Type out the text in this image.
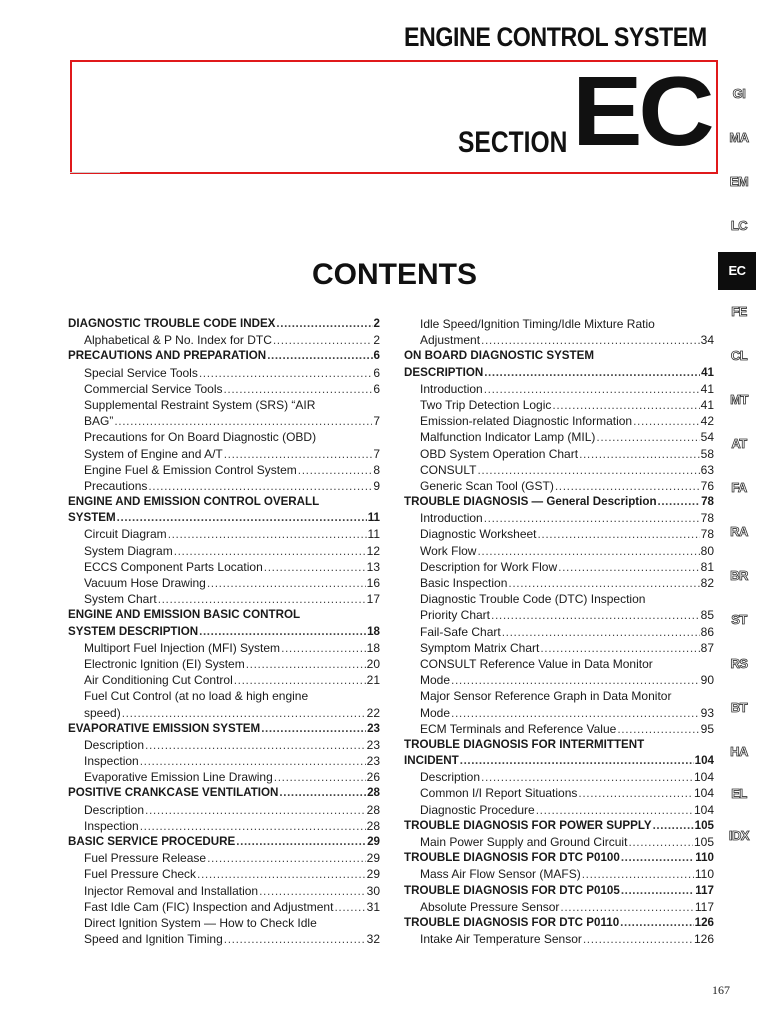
ENGINE CONTROL SYSTEM
SECTION EC
CONTENTS
DIAGNOSTIC TROUBLE CODE INDEX .....	2
Alphabetical & P No. Index for DTC .....	2
PRECAUTIONS AND PREPARATION .....	6
Special Service Tools .....	6
Commercial Service Tools .....	6
Supplemental Restraint System (SRS) “AIR
BAG” .....	7
Precautions for On Board Diagnostic (OBD)
System of Engine and A/T .....	7
Engine Fuel & Emission Control System .....	8
Precautions .....	9
ENGINE AND EMISSION CONTROL OVERALL
SYSTEM .....	11
Circuit Diagram .....	11
System Diagram .....	12
ECCS Component Parts Location .....	13
Vacuum Hose Drawing .....	16
System Chart .....	17
ENGINE AND EMISSION BASIC CONTROL
SYSTEM DESCRIPTION .....	18
Multiport Fuel Injection (MFI) System .....	18
Electronic Ignition (EI) System .....	20
Air Conditioning Cut Control .....	21
Fuel Cut Control (at no load & high engine
speed) .....	22
EVAPORATIVE EMISSION SYSTEM .....	23
Description .....	23
Inspection .....	23
Evaporative Emission Line Drawing .....	26
POSITIVE CRANKCASE VENTILATION .....	28
Description .....	28
Inspection .....	28
BASIC SERVICE PROCEDURE .....	29
Fuel Pressure Release .....	29
Fuel Pressure Check .....	29
Injector Removal and Installation .....	30
Fast Idle Cam (FIC) Inspection and Adjustment .....	31
Direct Ignition System — How to Check Idle
Speed and Ignition Timing .....	32
Idle Speed/Ignition Timing/Idle Mixture Ratio
Adjustment .....	34
ON BOARD DIAGNOSTIC SYSTEM
DESCRIPTION .....	41
Introduction .....	41
Two Trip Detection Logic .....	41
Emission-related Diagnostic Information .....	42
Malfunction Indicator Lamp (MIL) .....	54
OBD System Operation Chart .....	58
CONSULT .....	63
Generic Scan Tool (GST) .....	76
TROUBLE DIAGNOSIS — General Description .....	78
Introduction .....	78
Diagnostic Worksheet .....	78
Work Flow .....	80
Description for Work Flow .....	81
Basic Inspection .....	82
Diagnostic Trouble Code (DTC) Inspection
Priority Chart .....	85
Fail-Safe Chart .....	86
Symptom Matrix Chart .....	87
CONSULT Reference Value in Data Monitor
Mode .....	90
Major Sensor Reference Graph in Data Monitor
Mode .....	93
ECM Terminals and Reference Value .....	95
TROUBLE DIAGNOSIS FOR INTERMITTENT
INCIDENT .....	104
Description .....	104
Common I/I Report Situations .....	104
Diagnostic Procedure .....	104
TROUBLE DIAGNOSIS FOR POWER SUPPLY .....	105
Main Power Supply and Ground Circuit .....	105
TROUBLE DIAGNOSIS FOR DTC P0100 .....	110
Mass Air Flow Sensor (MAFS) .....	110
TROUBLE DIAGNOSIS FOR DTC P0105 .....	117
Absolute Pressure Sensor .....	117
TROUBLE DIAGNOSIS FOR DTC P0110 .....	126
Intake Air Temperature Sensor .....	126
GI
MA
EM
LC
EC
FE
CL
MT
AT
FA
RA
BR
ST
RS
BT
HA
EL
IDX
167
